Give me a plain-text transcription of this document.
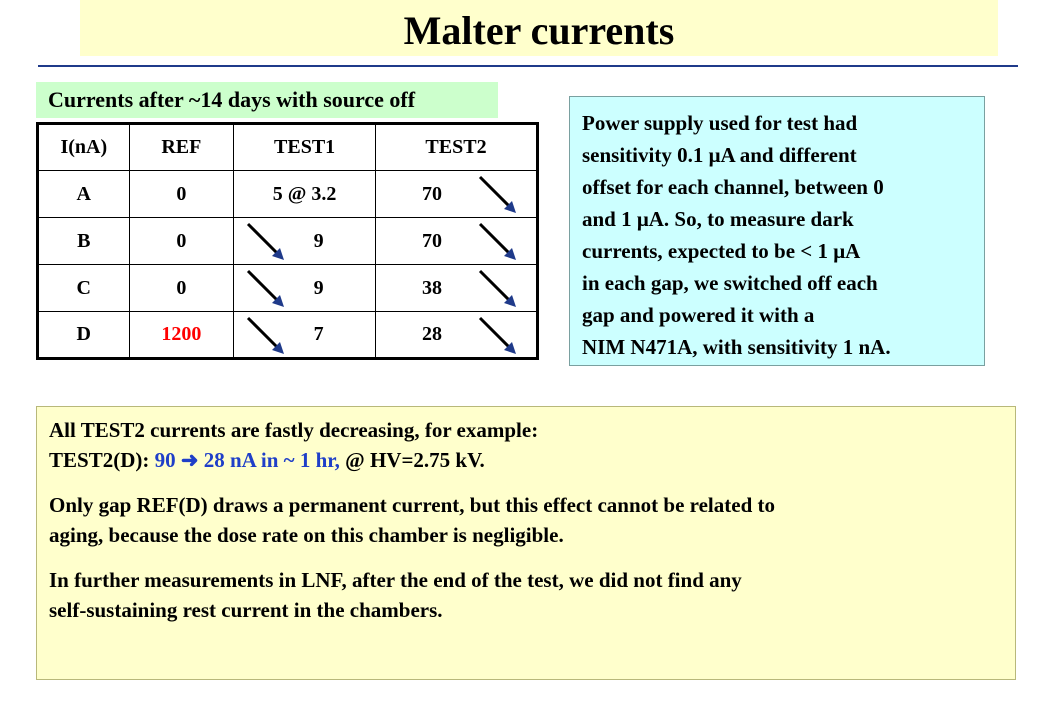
Malter currents
Currents after ~14 days with source off
I(nA)	REF	TEST1	TEST2
A	0	5 @ 3.2	70

B	0	9	70

C	0	9	38

D	1200	7	28
Power supply used for test had
sensitivity 0.1 μA and different
offset for each channel, between 0
and 1 μA. So, to measure dark
currents, expected to be < 1 μA
in each gap, we switched off each
gap and powered it with a
NIM N471A, with sensitivity 1 nA.
All TEST2 currents are fastly decreasing, for example:
TEST2(D): 90 ➜ 28 nA in ~ 1 hr, @ HV=2.75 kV.
Only gap REF(D) draws a permanent current, but this effect cannot be related to
aging, because the dose rate on this chamber is negligible.
In further measurements in LNF, after the end of the test, we did not find any
self-sustaining rest current in the chambers.
